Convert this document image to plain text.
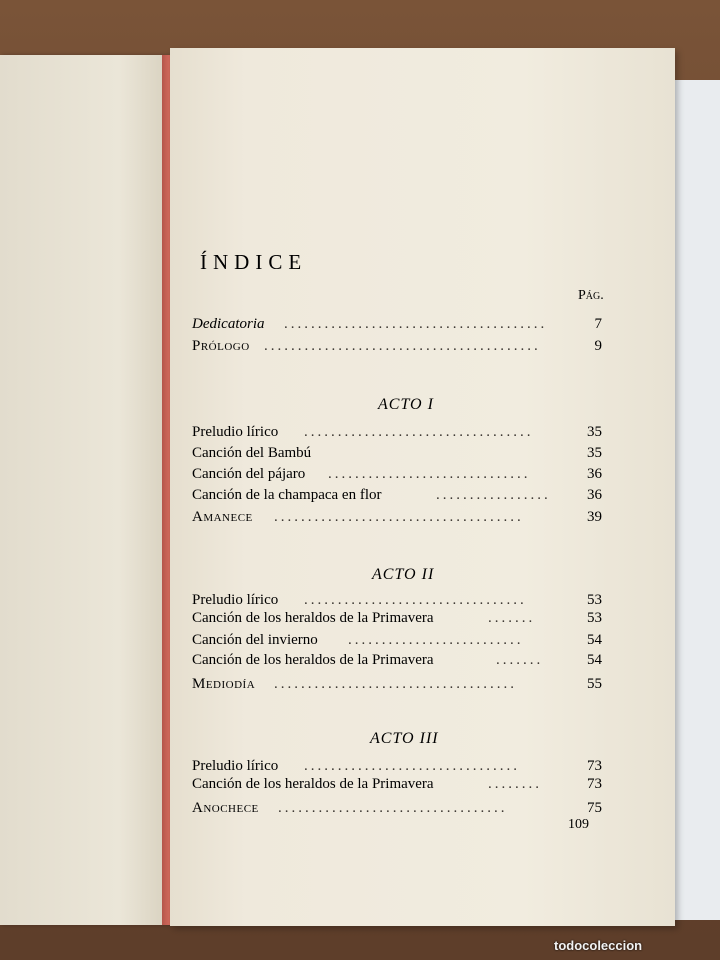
ÍNDICE
Pág.
Dedicatoria .......................................	7
Prólogo .........................................	9
ACTO I
Preludio lírico ..................................	35
Canción del Bambú	35
Canción del pájaro ..............................	36
Canción de la champaca en flor	.................	36
Amanece .....................................	39
ACTO II
Preludio lírico .................................	53
Canción de los heraldos de la Primavera	.......	53
Canción del invierno ..........................	54
Canción de los heraldos de la Primavera	.......	54
Mediodía ....................................	55
ACTO III
Preludio lírico ................................	73
Canción de los heraldos de la Primavera	........	73
Anochece ..................................	75
109
todocoleccion
